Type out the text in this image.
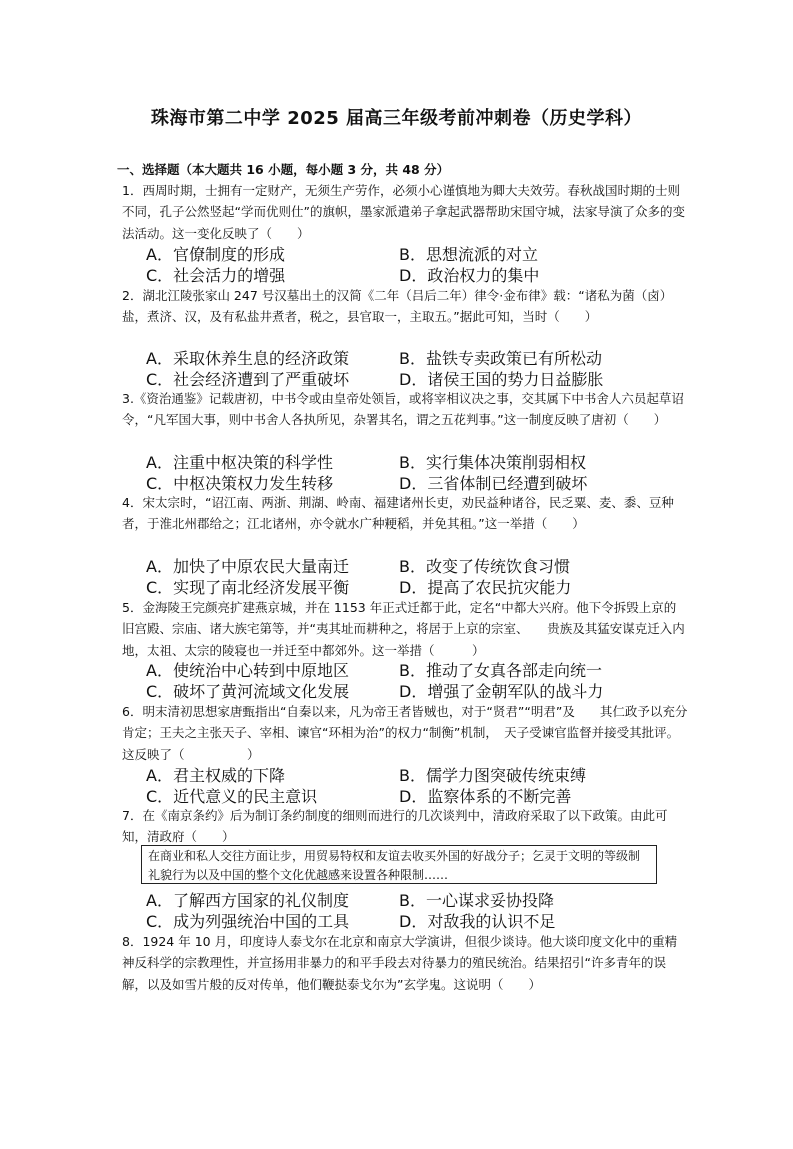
珠海市第二中学 2025 届高三年级考前冲刺卷（历史学科）
一、选择题（本大题共 16 小题，每小题 3 分，共 48 分）
1．西周时期，士拥有一定财产，无须生产劳作，必须小心谨慎地为卿大夫效劳。春秋战国时期的士则不同，孔子公然竖起“学而优则仕”的旗帜，墨家派遣弟子拿起武器帮助宋国守城，法家导演了众多的变法活动。这一变化反映了（　　）
A．官僚制度的形成	B．思想流派的对立
C．社会活力的增强	D．政治权力的集中
2．湖北江陵张家山 247 号汉墓出土的汉简《二年（吕后二年）律令·金布律》载：“诸私为菌（卤）盐，煮济、汉，及有私盐井煮者，税之，县官取一，主取五。”据此可知，当时（　　）
A．采取休养生息的经济政策	B．盐铁专卖政策已有所松动
C．社会经济遭到了严重破坏	D．诸侯王国的势力日益膨胀
3.《资治通鉴》记载唐初，中书令或由皇帝处领旨，或将宰相议决之事，交其属下中书舍人六员起草诏令，“凡军国大事，则中书舍人各执所见，杂署其名，谓之五花判事。”这一制度反映了唐初（　　）
A．注重中枢决策的科学性	B．实行集体决策削弱相权
C．中枢决策权力发生转移	D．三省体制已经遭到破坏
4．宋太宗时，“诏江南、两浙、荆湖、岭南、福建诸州长吏，劝民益种诸谷，民乏粟、麦、黍、豆种者，于淮北州郡给之；江北诸州，亦令就水广种粳稻，并免其租。”这一举措（　　）
A．加快了中原农民大量南迁	B．改变了传统饮食习惯
C．实现了南北经济发展平衡	D．提高了农民抗灾能力
5．金海陵王完颜亮扩建燕京城，并在 1153 年正式迁都于此，定名“中都大兴府。他下令拆毁上京的旧宫殿、宗庙、诸大族宅第等，并“夷其址而耕种之，将居于上京的宗室、　　贵族及其猛安谋克迁入内地，太祖、太宗的陵寝也一并迁至中都郊外。这一举措（　　　）
A．使统治中心转到中原地区	B．推动了女真各部走向统一
C．破坏了黄河流域文化发展	D．增强了金朝军队的战斗力
6．明末清初思想家唐甄指出“自秦以来，凡为帝王者皆贼也，对于“贤君”“明君”及　　其仁政予以充分肯定；王夫之主张天子、宰相、谏官“环相为治”的权力“制衡”机制，　天子受谏官监督并接受其批评。这反映了（　　　　　）
A．君主权威的下降	B．儒学力图突破传统束缚
C．近代意义的民主意识	D．监察体系的不断完善
7．在《南京条约》后为制订条约制度的细则而进行的几次谈判中，清政府采取了以下政策。由此可知，清政府（　　）
在商业和私人交往方面让步，用贸易特权和友谊去收买外国的好战分子；乞灵于文明的等级制礼貌行为以及中国的整个文化优越感来设置各种限制……
A．了解西方国家的礼仪制度	B．一心谋求妥协投降
C．成为列强统治中国的工具	D．对敌我的认识不足
8．1924 年 10 月，印度诗人泰戈尔在北京和南京大学演讲，但很少谈诗。他大谈印度文化中的重精神反科学的宗教理性，并宣扬用非暴力的和平手段去对待暴力的殖民统治。结果招引“许多青年的误解，以及如雪片般的反对传单，他们鞭挞泰戈尔为”玄学鬼。这说明（　　）
